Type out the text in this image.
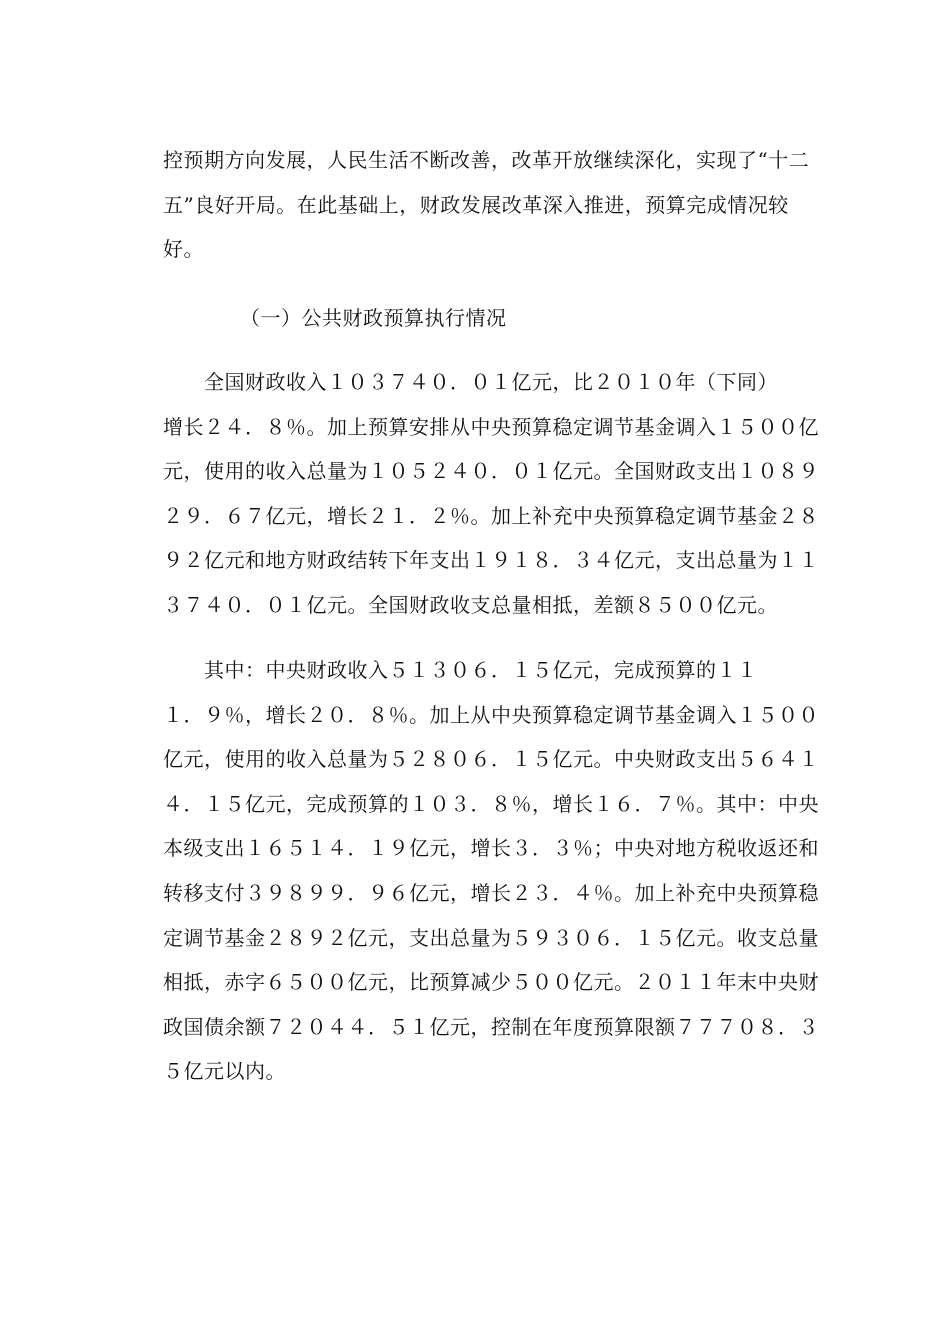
控预期方向发展，人民生活不断改善，改革开放继续深化，实现了“十二
五”良好开局。在此基础上，财政发展改革深入推进，预算完成情况较
好。

（一）公共财政预算执行情况

　　全国财政收入１０３７４０．０１亿元，比２０１０年（下同）
增长２４．８％。加上预算安排从中央预算稳定调节基金调入１５００亿
元，使用的收入总量为１０５２４０．０１亿元。全国财政支出１０８９
２９．６７亿元，增长２１．２％。加上补充中央预算稳定调节基金２８
９２亿元和地方财政结转下年支出１９１８．３４亿元，支出总量为１１
３７４０．０１亿元。全国财政收支总量相抵，差额８５００亿元。

　　其中：中央财政收入５１３０６．１５亿元，完成预算的１１
１．９％，增长２０．８％。加上从中央预算稳定调节基金调入１５００
亿元，使用的收入总量为５２８０６．１５亿元。中央财政支出５６４１
４．１５亿元，完成预算的１０３．８％，增长１６．７％。其中：中央
本级支出１６５１４．１９亿元，增长３．３％；中央对地方税收返还和
转移支付３９８９９．９６亿元，增长２３．４％。加上补充中央预算稳
定调节基金２８９２亿元，支出总量为５９３０６．１５亿元。收支总量
相抵，赤字６５００亿元，比预算减少５００亿元。２０１１年末中央财
政国债余额７２０４４．５１亿元，控制在年度预算限额７７７０８．３
５亿元以内。
